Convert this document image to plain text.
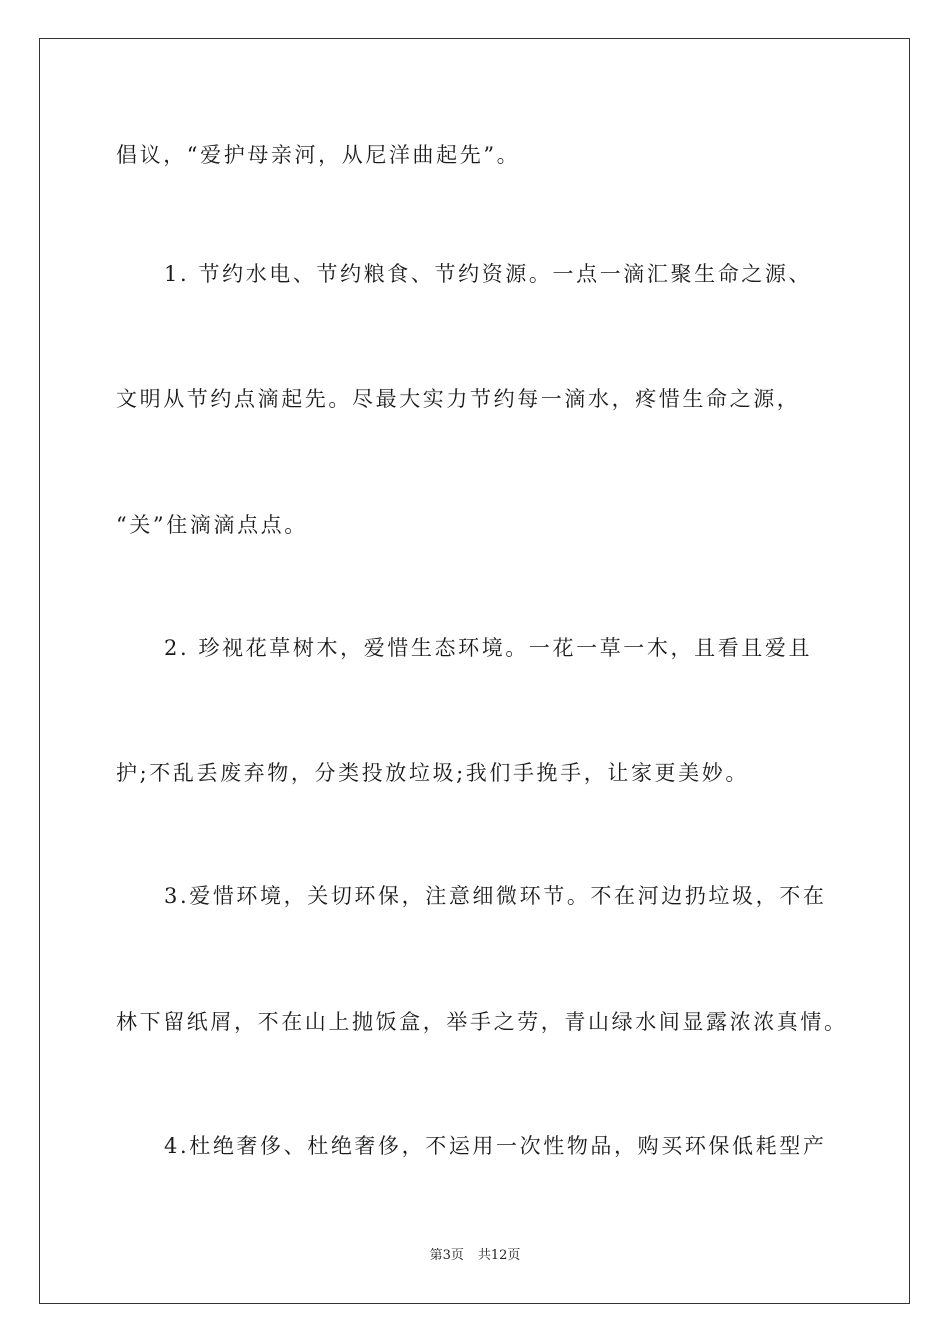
倡议，“爱护母亲河，从尼洋曲起先”。
1. 节约水电、节约粮食、节约资源。一点一滴汇聚生命之源、
文明从节约点滴起先。尽最大实力节约每一滴水，疼惜生命之源，
“关”住滴滴点点。
2. 珍视花草树木，爱惜生态环境。一花一草一木，且看且爱且
护;不乱丢废弃物，分类投放垃圾;我们手挽手，让家更美妙。
3.爱惜环境，关切环保，注意细微环节。不在河边扔垃圾，不在
林下留纸屑，不在山上抛饭盒，举手之劳，青山绿水间显露浓浓真情。
4.杜绝奢侈、杜绝奢侈，不运用一次性物品，购买环保低耗型产
第3页 共12页
